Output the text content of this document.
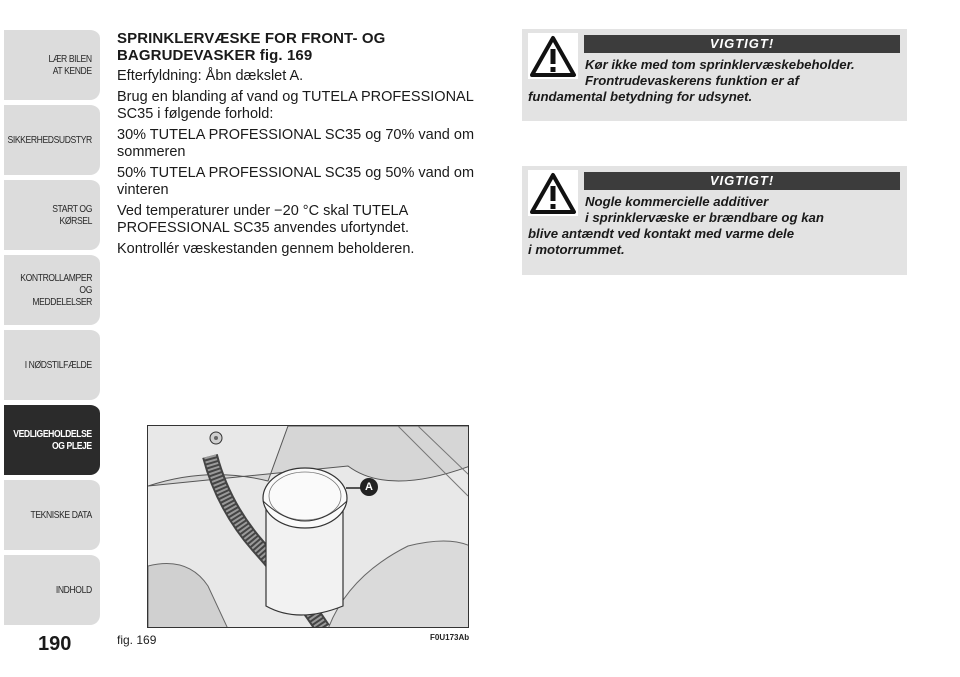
LÆR BILEN
AT KENDE
SIKKERHEDSUDSTYR
START OG KØRSEL
KONTROLLAMPER
OG MEDDELELSER
I NØDSTILFÆLDE
VEDLIGEHOLDELSE
OG PLEJE
TEKNISKE DATA
INDHOLD
190

SPRINKLERVÆSKE FOR FRONT- OG BAGRUDEVASKER fig. 169

Efterfyldning: Åbn dækslet A.

Brug en blanding af vand og TUTELA PROFESSIONAL SC35 i følgende forhold:

30% TUTELA PROFESSIONAL SC35 og 70% vand om sommeren

50% TUTELA PROFESSIONAL SC35 og 50% vand om vinteren

Ved temperaturer under −20 °C skal TUTELA PROFESSIONAL SC35 anvendes ufortyndet.

Kontrollér væskestanden gennem beholderen.

A
fig. 169	F0U173Ab
VIGTIGT!
Kør ikke med tom sprinklervæskebeholder.
Frontrudevaskerens funktion er af
fundamental betydning for udsynet.
VIGTIGT!
Nogle kommercielle additiver
i sprinklervæske er brændbare og kan
blive antændt ved kontakt med varme dele
i motorrummet.
